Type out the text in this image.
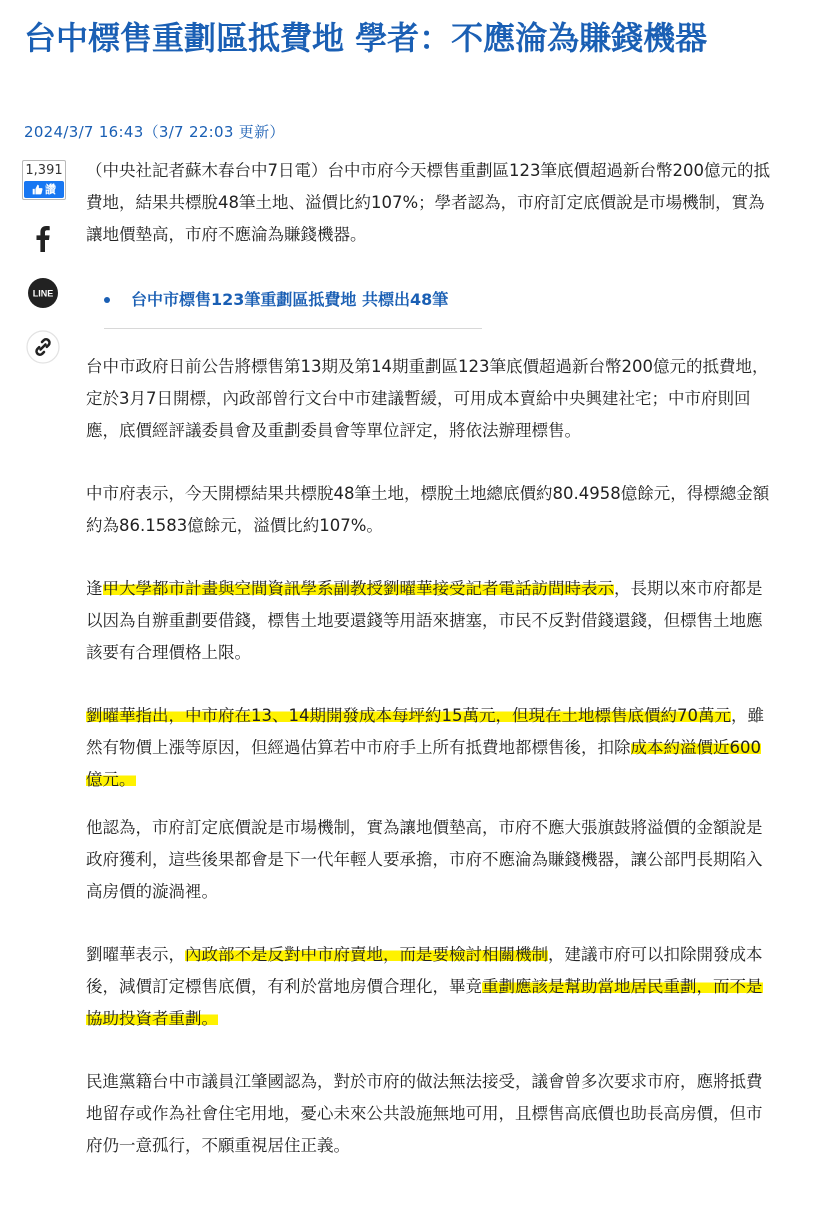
台中標售重劃區抵費地 學者：不應淪為賺錢機器
2024/3/7 16:43（3/7 22:03 更新）
1,391
讚
LINE

（中央社記者蘇木春台中7日電）台中市府今天標售重劃區123筆底價超過新台幣200億元的抵費地，結果共標脫48筆土地、溢價比約107%；學者認為，市府訂定底價說是市場機制，實為讓地價墊高，市府不應淪為賺錢機器。

台中市標售123筆重劃區抵費地 共標出48筆

台中市政府日前公告將標售第13期及第14期重劃區123筆底價超過新台幣200億元的抵費地，定於3月7日開標，內政部曾行文台中市建議暫緩，可用成本賣給中央興建社宅；中市府則回應，底價經評議委員會及重劃委員會等單位評定，將依法辦理標售。

中市府表示，今天開標結果共標脫48筆土地，標脫土地總底價約80.4958億餘元，得標總金額約為86.1583億餘元，溢價比約107%。

逢甲大學都市計畫與空間資訊學系副教授劉曜華接受記者電話訪問時表示，長期以來市府都是以因為自辦重劃要借錢，標售土地要還錢等用語來搪塞，市民不反對借錢還錢，但標售土地應該要有合理價格上限。

劉曜華指出，中市府在13、14期開發成本每坪約15萬元，但現在土地標售底價約70萬元，雖然有物價上漲等原因，但經過估算若中市府手上所有抵費地都標售後，扣除成本約溢價近600億元。

他認為，市府訂定底價說是市場機制，實為讓地價墊高，市府不應大張旗鼓將溢價的金額說是政府獲利，這些後果都會是下一代年輕人要承擔，市府不應淪為賺錢機器，讓公部門長期陷入高房價的漩渦裡。

劉曜華表示，內政部不是反對中市府賣地，而是要檢討相關機制，建議市府可以扣除開發成本後，減價訂定標售底價，有利於當地房價合理化，畢竟重劃應該是幫助當地居民重劃，而不是協助投資者重劃。

民進黨籍台中市議員江肇國認為，對於市府的做法無法接受，議會曾多次要求市府，應將抵費地留存或作為社會住宅用地，憂心未來公共設施無地可用，且標售高底價也助長高房價，但市府仍一意孤行，不願重視居住正義。
